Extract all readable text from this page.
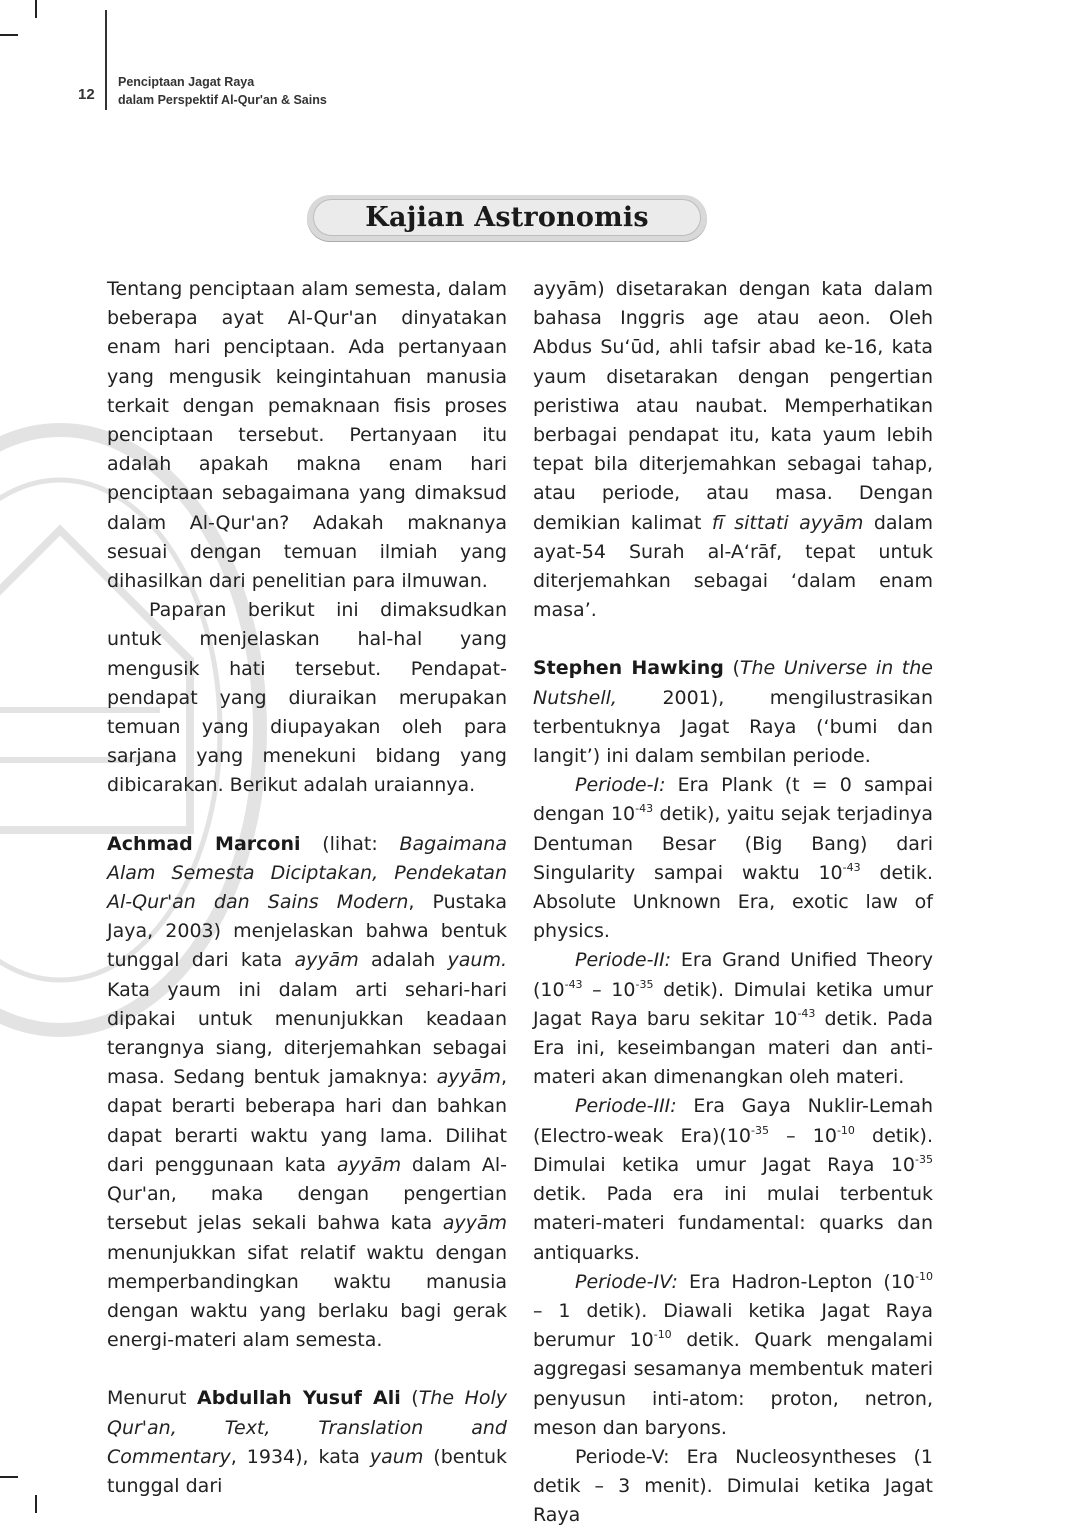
12
Penciptaan Jagat Raya
dalam Perspektif Al-Qur'an & Sains
Kajian Astronomis

Tentang penciptaan alam semesta, dalam beberapa ayat Al-Qur'an dinyatakan enam hari penciptaan. Ada pertanyaan yang mengusik keingintahuan manusia terkait dengan pemaknaan fisis proses penciptaan tersebut. Pertanyaan itu adalah apakah makna enam hari penciptaan sebagaimana yang dimaksud dalam Al-Qur'an? Adakah maknanya sesuai dengan temuan ilmiah yang dihasilkan dari penelitian para ilmuwan.

Paparan berikut ini dimaksudkan untuk menjelaskan hal-hal yang mengusik hati tersebut. Pendapat-pendapat yang diuraikan merupakan temuan yang diupayakan oleh para sarjana yang menekuni bidang yang dibicarakan. Berikut adalah uraiannya.

Achmad Marconi (lihat: Bagaimana Alam Semesta Diciptakan, Pendekatan Al-Qur'an dan Sains Modern, Pustaka Jaya, 2003) menjelaskan bahwa bentuk tunggal dari kata ayyām adalah yaum. Kata yaum ini dalam arti sehari-hari dipakai untuk menunjukkan keadaan terangnya siang, diterjemahkan sebagai masa. Sedang bentuk jamaknya: ayyām, dapat berarti beberapa hari dan bahkan dapat berarti waktu yang lama. Dilihat dari penggunaan kata ayyām dalam Al-Qur'an, maka dengan pengertian tersebut jelas sekali bahwa kata ayyām menunjukkan sifat relatif waktu dengan memperbandingkan waktu manusia dengan waktu yang berlaku bagi gerak energi-materi alam semesta.

Menurut Abdullah Yusuf Ali (The Holy Qur'an, Text, Translation and Commentary, 1934), kata yaum (bentuk tunggal dari

ayyām) disetarakan dengan kata dalam bahasa Inggris age atau aeon. Oleh Abdus Su‘ūd, ahli tafsir abad ke-16, kata yaum disetarakan dengan pengertian peristiwa atau naubat. Memperhatikan berbagai pendapat itu, kata yaum lebih tepat bila diterjemahkan sebagai tahap, atau periode, atau masa. Dengan demikian kalimat fī sittati ayyām dalam ayat-54 Surah al-A‘rāf, tepat untuk diterjemahkan sebagai ‘dalam enam masa’.

Stephen Hawking (The Universe in the Nutshell, 2001), mengilustrasikan terbentuknya Jagat Raya (‘bumi dan langit’) ini dalam sembilan periode.

Periode-I: Era Plank (t = 0 sampai dengan $10^{-43}$ detik), yaitu sejak terjadinya Dentuman Besar (Big Bang) dari Singularity sampai waktu $10^{-43}$ detik. Absolute Unknown Era, exotic law of physics.

Periode-II: Era Grand Unified Theory ($10^{-43} - 10^{-35}$ detik). Dimulai ketika umur Jagat Raya baru sekitar $10^{-43}$ detik. Pada Era ini, keseimbangan materi dan anti-materi akan dimenangkan oleh materi.

Periode-III: Era Gaya Nuklir-Lemah (Electro-weak $Era)(10^{-35} - 10^{-10}$ detik). Dimulai ketika umur Jagat Raya $10^{-35}$ detik. Pada era ini mulai terbentuk materi-materi fundamental: quarks dan antiquarks.

Periode-IV: Era Hadron-Lepton ($10^{-10} - 1$ detik). Diawali ketika Jagat Raya berumur $10^{-10}$ detik. Quark mengalami aggregasi sesamanya membentuk materi penyusun inti-atom: proton, netron, meson dan baryons.

Periode-V: Era Nucleosyntheses (1 detik – 3 menit). Dimulai ketika Jagat Raya
